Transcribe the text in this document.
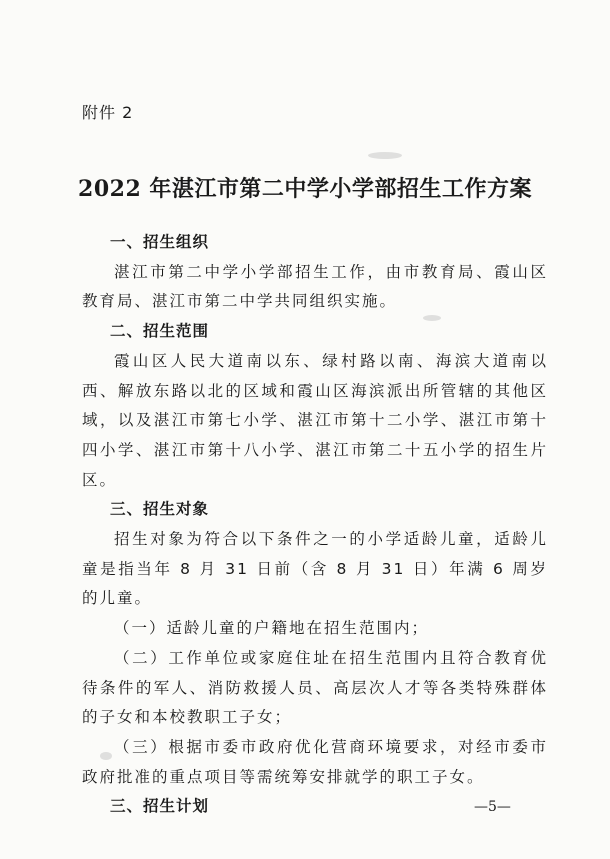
附件 2
2022 年湛江市第二中学小学部招生工作方案
一、招生组织
湛江市第二中学小学部招生工作，由市教育局、霞山区教育局、湛江市第二中学共同组织实施。
二、招生范围
霞山区人民大道南以东、绿村路以南、海滨大道南以西、解放东路以北的区域和霞山区海滨派出所管辖的其他区域，以及湛江市第七小学、湛江市第十二小学、湛江市第十四小学、湛江市第十八小学、湛江市第二十五小学的招生片区。
三、招生对象
招生对象为符合以下条件之一的小学适龄儿童，适龄儿童是指当年 8 月 31 日前（含 8 月 31 日）年满 6 周岁的儿童。
（一）适龄儿童的户籍地在招生范围内；
（二）工作单位或家庭住址在招生范围内且符合教育优待条件的军人、消防救援人员、高层次人才等各类特殊群体的子女和本校教职工子女；
（三）根据市委市政府优化营商环境要求，对经市委市政府批准的重点项目等需统筹安排就学的职工子女。
三、招生计划	—5—
